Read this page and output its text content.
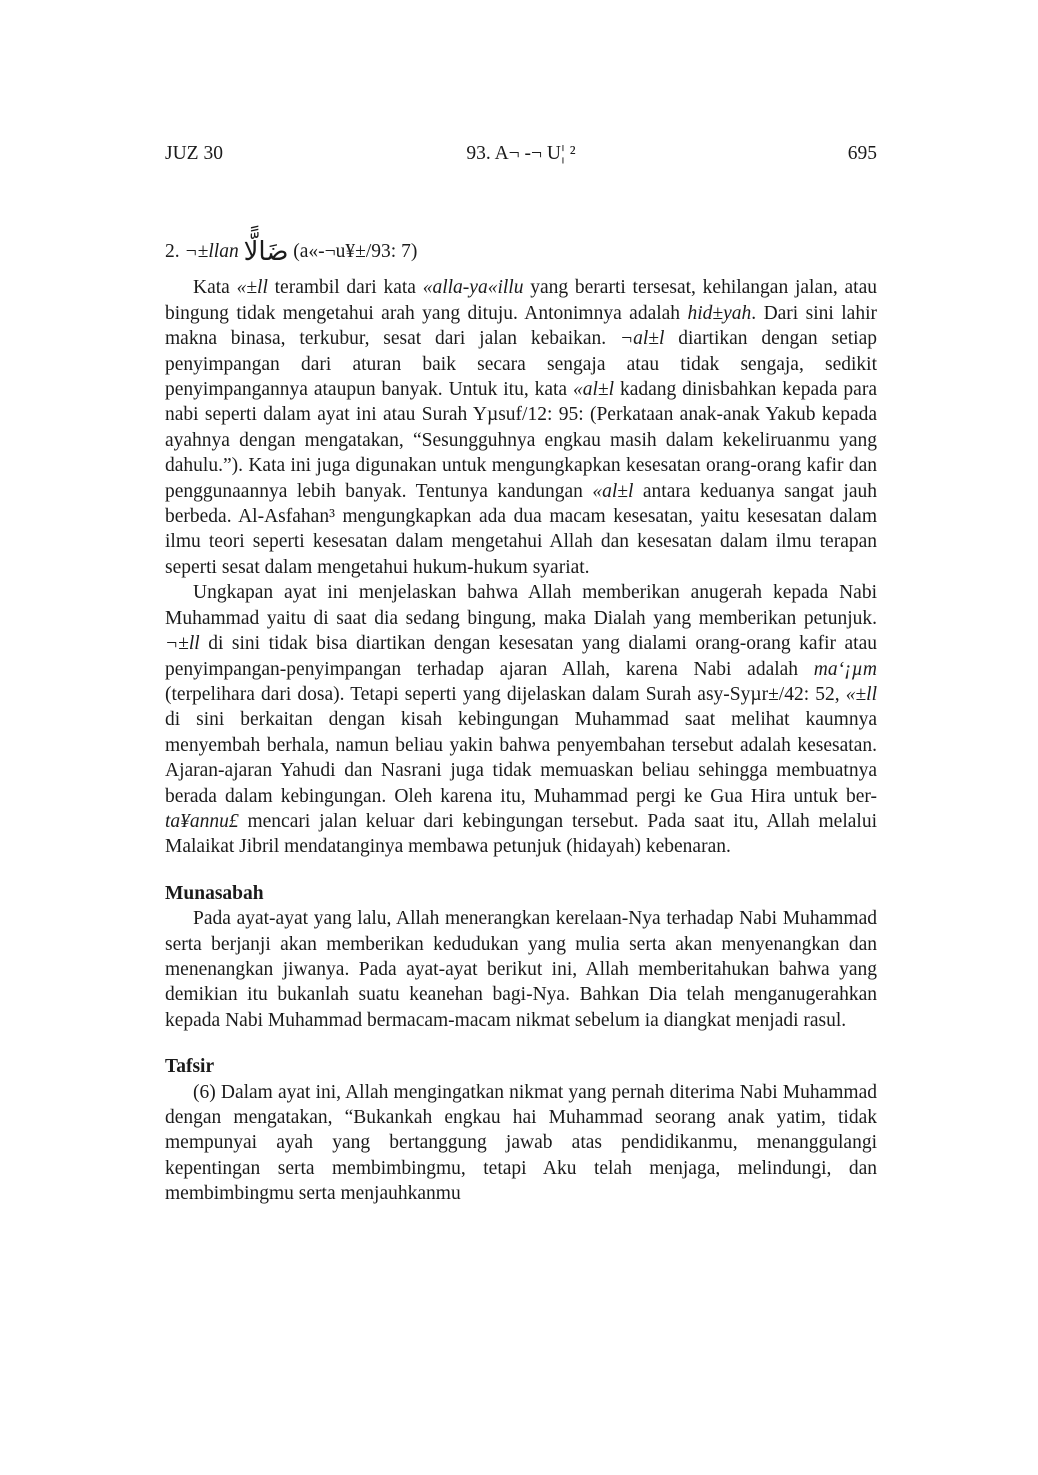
JUZ 30	93. A¬ -¬ U¦ ²	695

2. ¬±llan ضَالًّا (a«-¬u¥±/93: 7)

Kata «±ll terambil dari kata «alla-ya«illu yang berarti tersesat, kehilangan jalan, atau bingung tidak mengetahui arah yang dituju. Antonimnya adalah hid±yah. Dari sini lahir makna binasa, terkubur, sesat dari jalan kebaikan. ¬al±l diartikan dengan setiap penyimpangan dari aturan baik secara sengaja atau tidak sengaja, sedikit penyimpangannya ataupun banyak. Untuk itu, kata «al±l kadang dinisbahkan kepada para nabi seperti dalam ayat ini atau Surah Yµsuf/12: 95: (Perkataan anak-anak Yakub kepada ayahnya dengan mengatakan, “Sesungguhnya engkau masih dalam kekeliruanmu yang dahulu.”). Kata ini juga digunakan untuk mengungkapkan kesesatan orang-orang kafir dan penggunaannya lebih banyak. Tentunya kandungan «al±l antara keduanya sangat jauh berbeda. Al-Asfahan³ mengungkapkan ada dua macam kesesatan, yaitu kesesatan dalam ilmu teori seperti kesesatan dalam mengetahui Allah dan kesesatan dalam ilmu terapan seperti sesat dalam mengetahui hukum-hukum syariat.

Ungkapan ayat ini menjelaskan bahwa Allah memberikan anugerah kepada Nabi Muhammad yaitu di saat dia sedang bingung, maka Dialah yang memberikan petunjuk. ¬±ll di sini tidak bisa diartikan dengan kesesatan yang dialami orang-orang kafir atau penyimpangan-penyimpangan terhadap ajaran Allah, karena Nabi adalah ma‘¡µm (terpelihara dari dosa). Tetapi seperti yang dijelaskan dalam Surah asy-Syµr±/42: 52, «±ll di sini berkaitan dengan kisah kebingungan Muhammad saat melihat kaumnya menyembah berhala, namun beliau yakin bahwa penyembahan tersebut adalah kesesatan. Ajaran-ajaran Yahudi dan Nasrani juga tidak memuaskan beliau sehingga membuatnya berada dalam kebingungan. Oleh karena itu, Muhammad pergi ke Gua Hira untuk ber-ta¥annu£ mencari jalan keluar dari kebingungan tersebut. Pada saat itu, Allah melalui Malaikat Jibril mendatanginya membawa petunjuk (hidayah) kebenaran.

Munasabah

Pada ayat-ayat yang lalu, Allah menerangkan kerelaan-Nya terhadap Nabi Muhammad serta berjanji akan memberikan kedudukan yang mulia serta akan menyenangkan dan menenangkan jiwanya. Pada ayat-ayat berikut ini, Allah memberitahukan bahwa yang demikian itu bukanlah suatu keanehan bagi-Nya. Bahkan Dia telah menganugerahkan kepada Nabi Muhammad bermacam-macam nikmat sebelum ia diangkat menjadi rasul.

Tafsir

(6) Dalam ayat ini, Allah mengingatkan nikmat yang pernah diterima Nabi Muhammad dengan mengatakan, “Bukankah engkau hai Muhammad seorang anak yatim, tidak mempunyai ayah yang bertanggung jawab atas pendidikanmu, menanggulangi kepentingan serta membimbingmu, tetapi Aku telah menjaga, melindungi, dan membimbingmu serta menjauhkanmu
